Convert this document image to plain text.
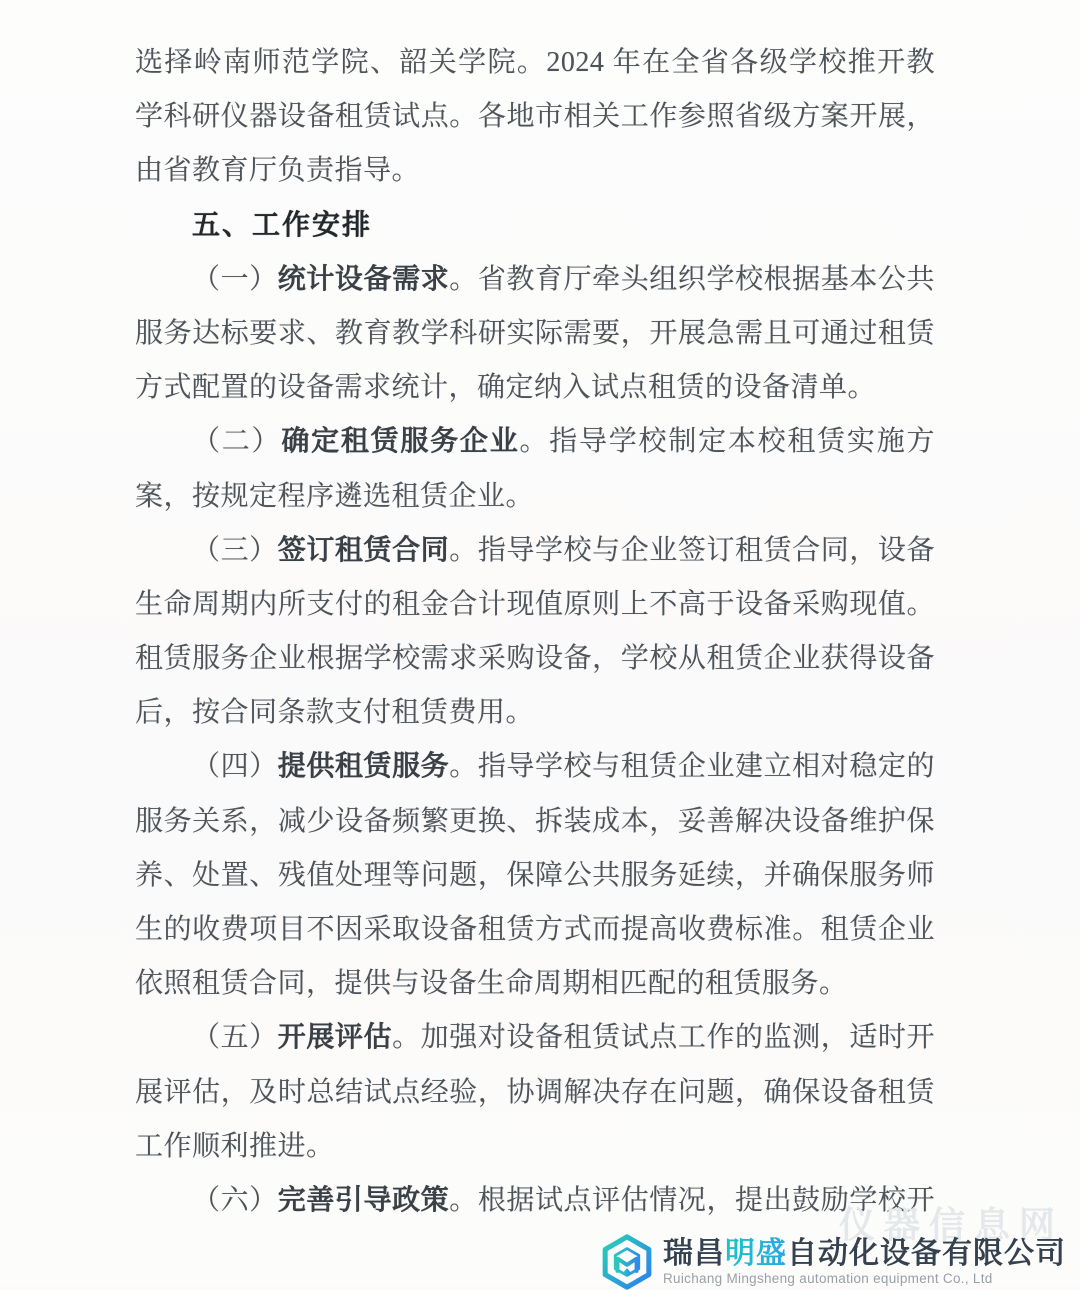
选择岭南师范学院、韶关学院。2024 年在全省各级学校推开教
学科研仪器设备租赁试点。各地市相关工作参照省级方案开展，
由省教育厅负责指导。
五、工作安排
（一）统计设备需求。省教育厅牵头组织学校根据基本公共
服务达标要求、教育教学科研实际需要，开展急需且可通过租赁
方式配置的设备需求统计，确定纳入试点租赁的设备清单。
（二）确定租赁服务企业。指导学校制定本校租赁实施方
案，按规定程序遴选租赁企业。
（三）签订租赁合同。指导学校与企业签订租赁合同，设备
生命周期内所支付的租金合计现值原则上不高于设备采购现值。
租赁服务企业根据学校需求采购设备，学校从租赁企业获得设备
后，按合同条款支付租赁费用。
（四）提供租赁服务。指导学校与租赁企业建立相对稳定的
服务关系，减少设备频繁更换、拆装成本，妥善解决设备维护保
养、处置、残值处理等问题，保障公共服务延续，并确保服务师
生的收费项目不因采取设备租赁方式而提高收费标准。租赁企业
依照租赁合同，提供与设备生命周期相匹配的租赁服务。
（五）开展评估。加强对设备租赁试点工作的监测，适时开
展评估，及时总结试点经验，协调解决存在问题，确保设备租赁
工作顺利推进。
（六）完善引导政策。根据试点评估情况，提出鼓励学校开
仪器信息网
瑞昌明盛自动化设备有限公司
Ruichang Mingsheng automation equipment Co., Ltd
